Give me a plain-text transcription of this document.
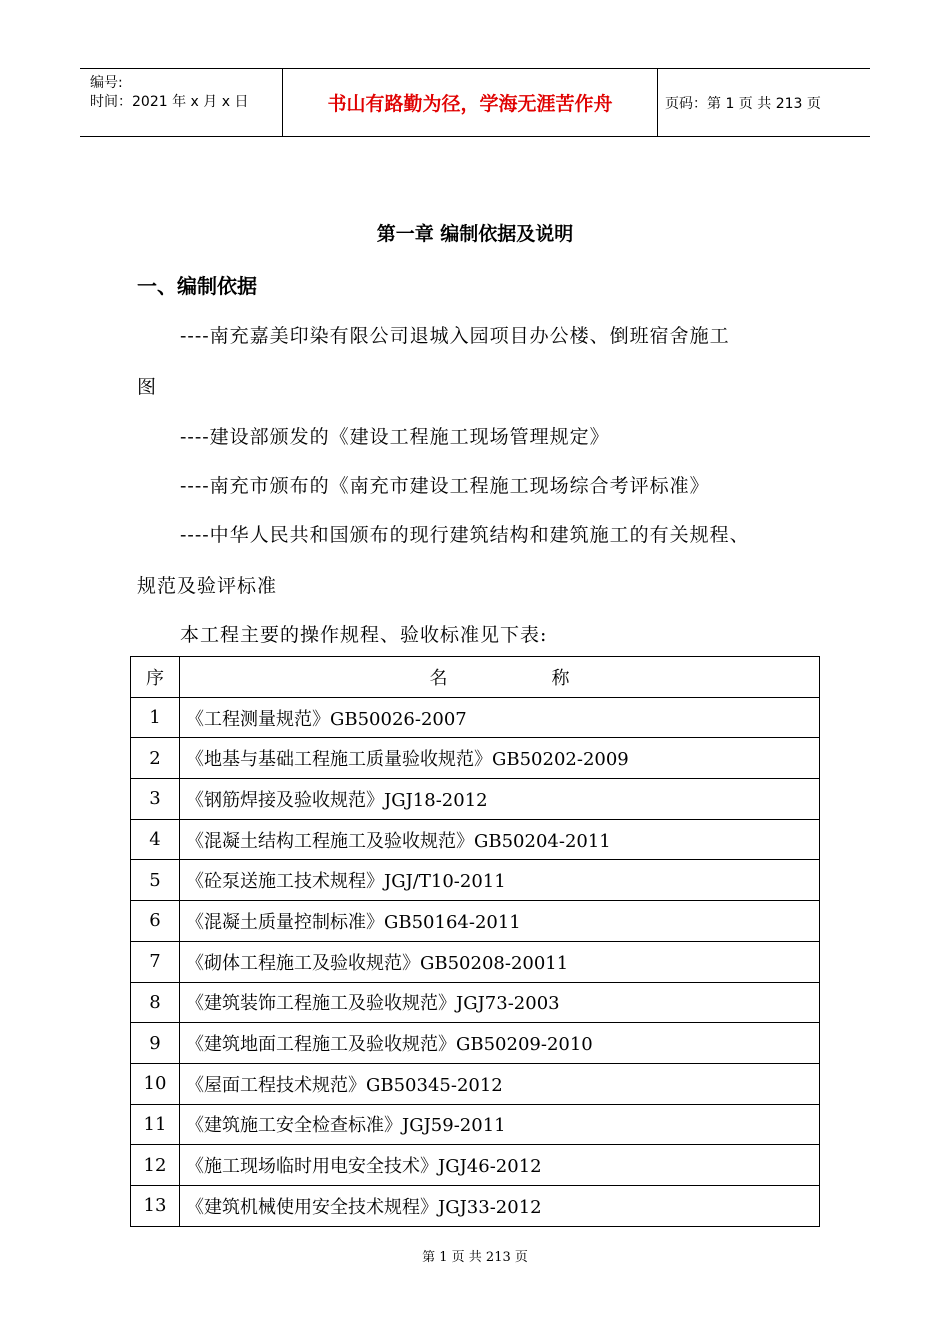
编号:
时间：2021 年 x 月 x 日	书山有路勤为径，学海无涯苦作舟	页码：第 1 页 共 213 页
第一章 编制依据及说明
一、编制依据
----南充嘉美印染有限公司退城入园项目办公楼、倒班宿舍施工
图
----建设部颁发的《建设工程施工现场管理规定》
----南充市颁布的《南充市建设工程施工现场综合考评标准》
----中华人民共和国颁布的现行建筑结构和建筑施工的有关规程、
规范及验评标准
本工程主要的操作规程、验收标准见下表:
序	名 称
1	《工程测量规范》GB50026-2007
2	《地基与基础工程施工质量验收规范》GB50202-2009
3	《钢筋焊接及验收规范》JGJ18-2012
4	《混凝土结构工程施工及验收规范》GB50204-2011
5	《砼泵送施工技术规程》JGJ/T10-2011
6	《混凝土质量控制标准》GB50164-2011
7	《砌体工程施工及验收规范》GB50208-20011
8	《建筑装饰工程施工及验收规范》JGJ73-2003
9	《建筑地面工程施工及验收规范》GB50209-2010
10	《屋面工程技术规范》GB50345-2012
11	《建筑施工安全检查标准》JGJ59-2011
12	《施工现场临时用电安全技术》JGJ46-2012
13	《建筑机械使用安全技术规程》JGJ33-2012
第 1 页 共 213 页
